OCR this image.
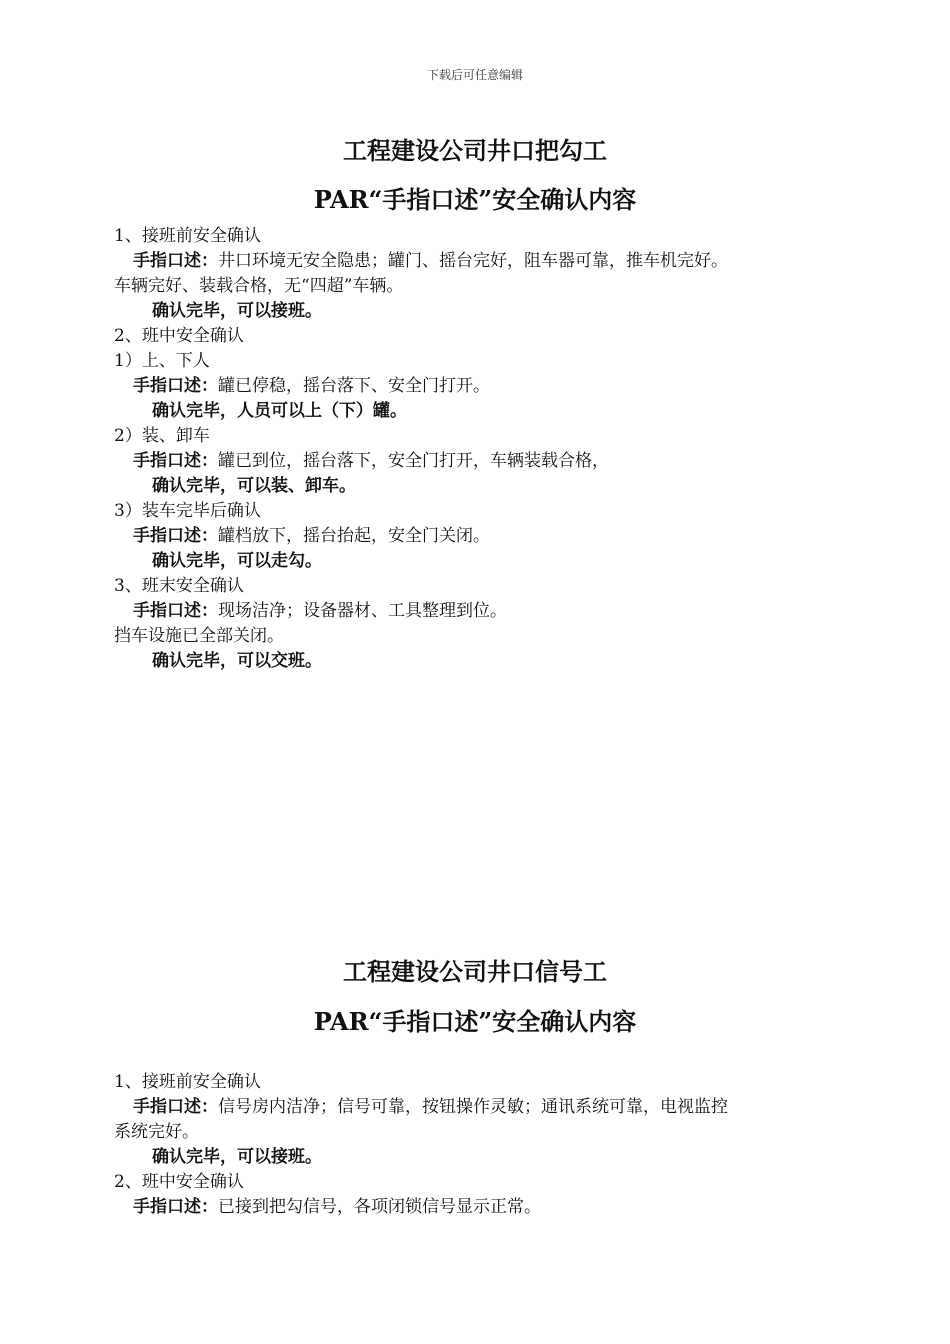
下载后可任意编辑
工程建设公司井口把勾工
PAR“手指口述”安全确认内容
1、接班前安全确认
手指口述：井口环境无安全隐患；罐门、摇台完好，阻车器可靠，推车机完好。
车辆完好、装载合格，无“四超”车辆。
确认完毕，可以接班。
2、班中安全确认
1）上、下人
手指口述：罐已停稳，摇台落下、安全门打开。
确认完毕，人员可以上（下）罐。
2）装、卸车
手指口述：罐已到位，摇台落下，安全门打开，车辆装载合格，
确认完毕，可以装、卸车。
3）装车完毕后确认
手指口述：罐档放下，摇台抬起，安全门关闭。
确认完毕，可以走勾。
3、班末安全确认
手指口述：现场洁净；设备器材、工具整理到位。
挡车设施已全部关闭。
确认完毕，可以交班。
工程建设公司井口信号工
PAR“手指口述”安全确认内容
1、接班前安全确认
手指口述：信号房内洁净；信号可靠，按钮操作灵敏；通讯系统可靠，电视监控
系统完好。
确认完毕，可以接班。
2、班中安全确认
手指口述：已接到把勾信号，各项闭锁信号显示正常。
